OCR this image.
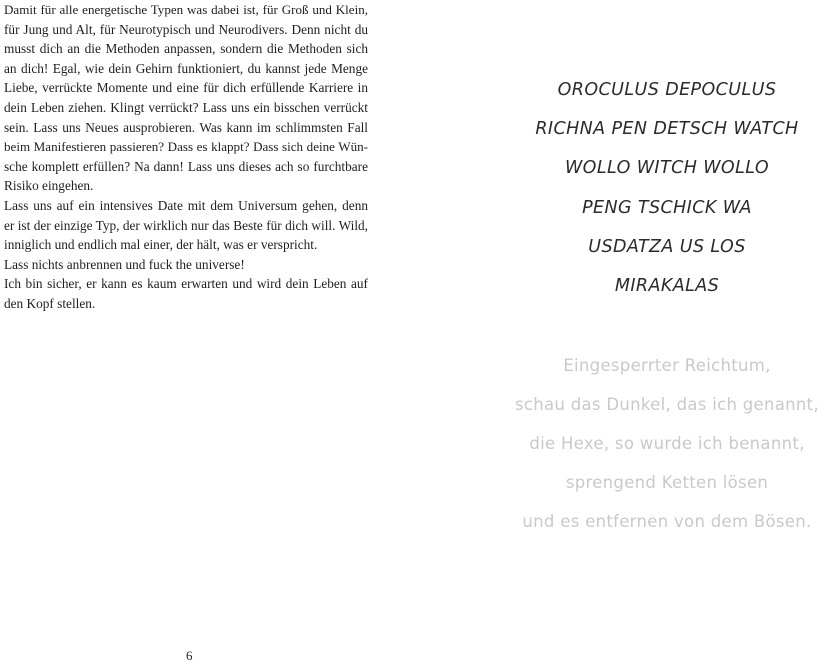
Damit für alle energetische Typen was dabei ist, für Groß und Klein,
für Jung und Alt, für Neurotypisch und Neurodivers. Denn nicht du
musst dich an die Methoden anpassen, sondern die Methoden sich
an dich! Egal, wie dein Gehirn funktioniert, du kannst jede Menge
Liebe, verrückte Momente und eine für dich erfüllende Karriere in
dein Leben ziehen. Klingt verrückt? Lass uns ein bisschen verrückt
sein. Lass uns Neues ausprobieren. Was kann im schlimmsten Fall
beim Manifestieren passieren? Dass es klappt? Dass sich deine Wün-
sche komplett erfüllen? Na dann! Lass uns dieses ach so furchtbare
Risiko eingehen.
Lass uns auf ein intensives Date mit dem Universum gehen, denn
er ist der einzige Typ, der wirklich nur das Beste für dich will. Wild,
inniglich und endlich mal einer, der hält, was er verspricht.
Lass nichts anbrennen und fuck the universe!
Ich bin sicher, er kann es kaum erwarten und wird dein Leben auf
den Kopf stellen.
6
OROCULUS DEPOCULUS
RICHNA PEN DETSCH WATCH
WOLLO WITCH WOLLO
PENG TSCHICK WA
USDATZA US LOS
MIRAKALAS
Eingesperrter Reichtum,
schau das Dunkel, das ich genannt,
die Hexe, so wurde ich benannt,
sprengend Ketten lösen
und es entfernen von dem Bösen.
